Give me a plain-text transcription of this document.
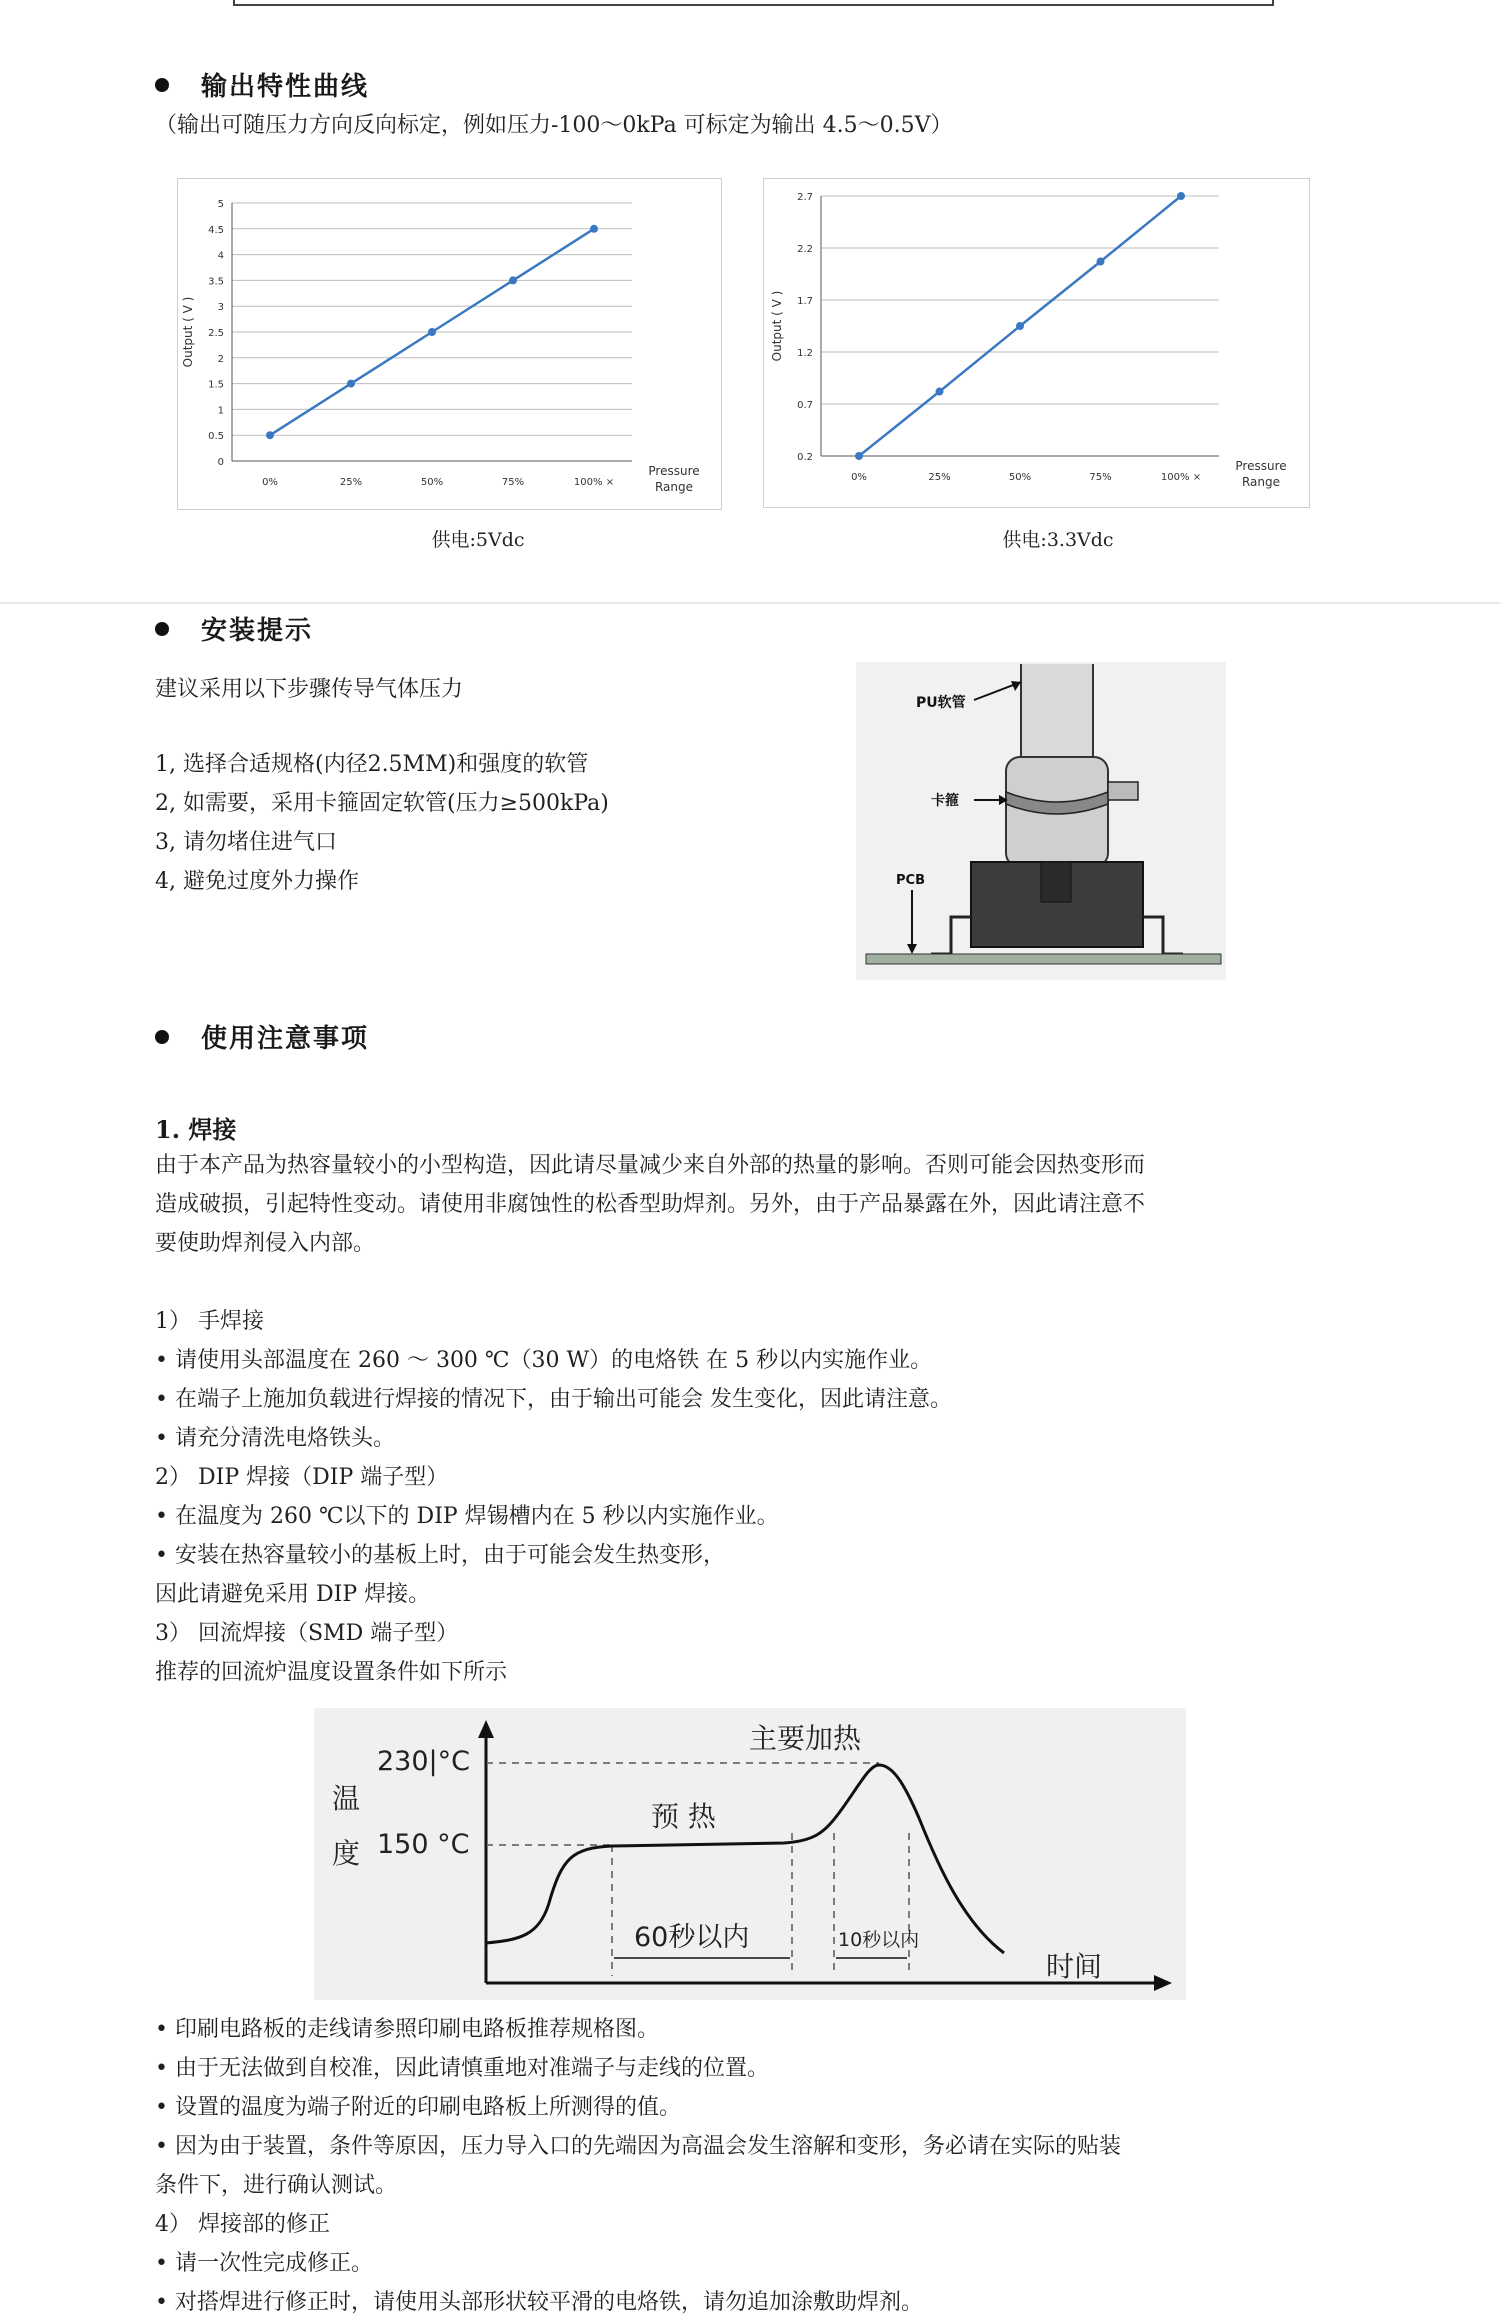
输出特性曲线
（输出可随压力方向反向标定，例如压力-100～0kPa 可标定为输出 4.5～0.5V）
0
0.5
1
1.5
2
2.5
3
3.5
4
4.5
5
0%	25%	50%	75%	100% ×
Output ( V )
Pressure
Range
0.2
0.7
1.2
1.7
2.2
2.7
0%	25%	50%	75%	100% ×
Output ( V )
Pressure
Range
供电:5Vdc	供电:3.3Vdc
安装提示
建议采用以下步骤传导气体压力
1, 选择合适规格(内径2.5MM)和强度的软管
2, 如需要，采用卡箍固定软管(压力≥500kPa)
3, 请勿堵住进气口
4, 避免过度外力操作
PU软管
卡箍
PCB
使用注意事项
1. 焊接
由于本产品为热容量较小的小型构造，因此请尽量减少来自外部的热量的影响。否则可能会因热变形而
造成破损，引起特性变动。请使用非腐蚀性的松香型助焊剂。另外，由于产品暴露在外，因此请注意不
要使助焊剂侵入内部。
1） 手焊接
• 请使用头部温度在 260 ～ 300 ℃（30 W）的电烙铁 在 5 秒以内实施作业。
• 在端子上施加负载进行焊接的情况下，由于输出可能会 发生变化，因此请注意。
• 请充分清洗电烙铁头。
2） DIP 焊接（DIP 端子型）
• 在温度为 260 ℃以下的 DIP 焊锡槽内在 5 秒以内实施作业。
• 安装在热容量较小的基板上时，由于可能会发生热变形，
因此请避免采用 DIP 焊接。
3） 回流焊接（SMD 端子型）
推荐的回流炉温度设置条件如下所示
230|°C
150 °C
温
度
主要加热
预 热
60秒以内	10秒以内
时间
• 印刷电路板的走线请参照印刷电路板推荐规格图。
• 由于无法做到自校准，因此请慎重地对准端子与走线的位置。
• 设置的温度为端子附近的印刷电路板上所测得的值。
• 因为由于装置，条件等原因，压力导入口的先端因为高温会发生溶解和变形，务必请在实际的贴装
条件下，进行确认测试。
4） 焊接部的修正
• 请一次性完成修正。
• 对搭焊进行修正时，请使用头部形状较平滑的电烙铁，请勿追加涂敷助焊剂。
